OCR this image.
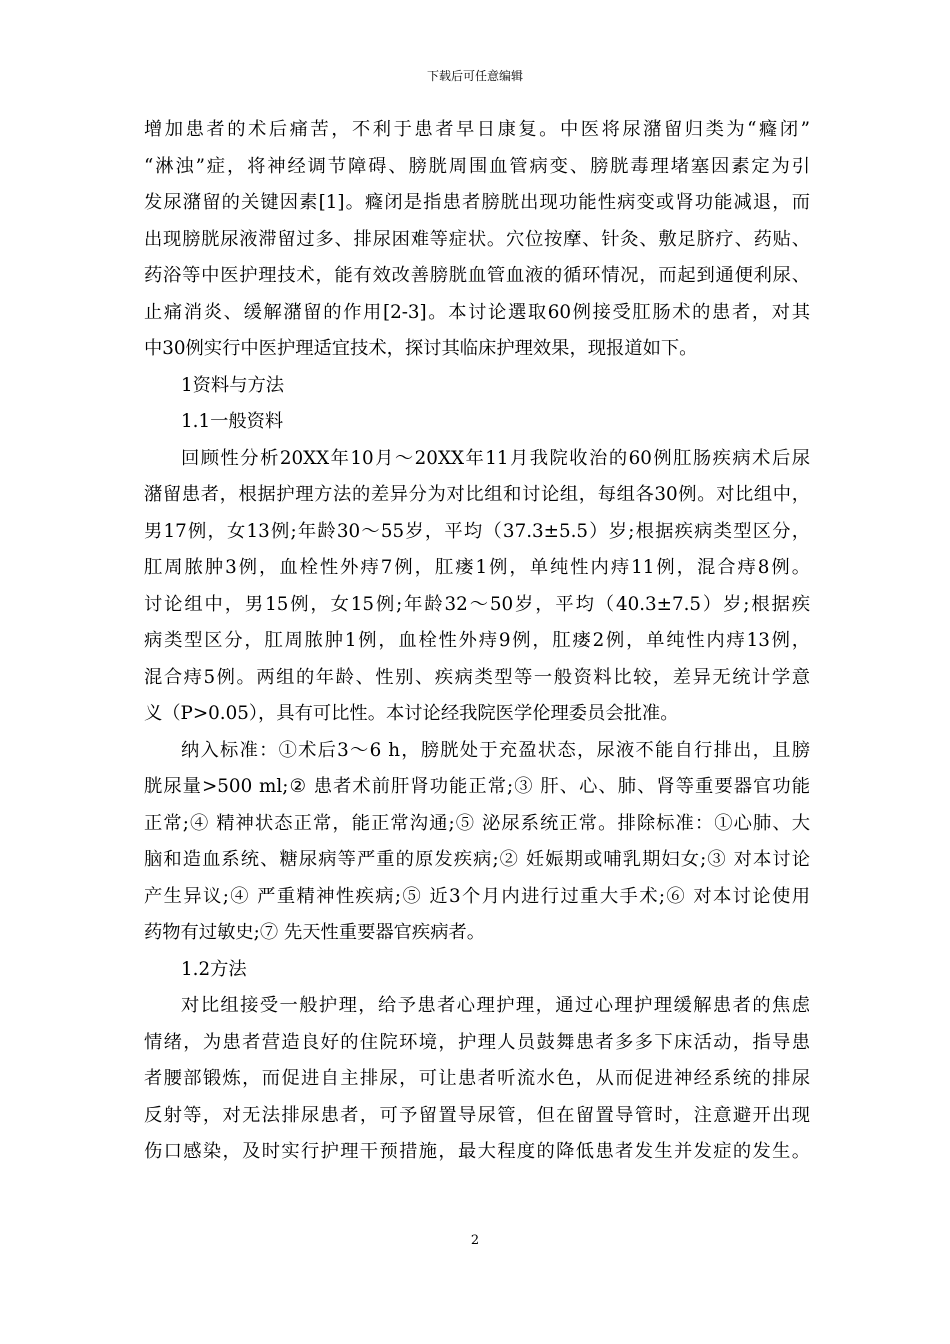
下载后可任意编辑
增加患者的术后痛苦，不利于患者早日康复。中医将尿潴留归类为“癃闭”
“淋浊”症，将神经调节障碍、膀胱周围血管病变、膀胱毒理堵塞因素定为引
发尿潴留的关键因素[1]。癃闭是指患者膀胱出现功能性病变或肾功能减退，而
出现膀胱尿液滞留过多、排尿困难等症状。穴位按摩、针灸、敷足脐疗、药贴、
药浴等中医护理技术，能有效改善膀胱血管血液的循环情况，而起到通便利尿、
止痛消炎、缓解潴留的作用[2-3]。本讨论選取60例接受肛肠术的患者，对其
中30例实行中医护理适宜技术，探讨其临床护理效果，现报道如下。
1资料与方法
1.1一般资料
回顾性分析20XX年10月～20XX年11月我院收治的60例肛肠疾病术后尿
潴留患者，根据护理方法的差异分为对比组和讨论组，每组各30例。对比组中，
男17例，女13例;年龄30～55岁，平均（37.3±5.5）岁;根据疾病类型区分，
肛周脓肿3例，血栓性外痔7例，肛瘘1例，单纯性内痔11例，混合痔8例。
讨论组中，男15例，女15例;年龄32～50岁，平均（40.3±7.5）岁;根据疾
病类型区分，肛周脓肿1例，血栓性外痔9例，肛瘘2例，单纯性内痔13例，
混合痔5例。两组的年龄、性别、疾病类型等一般资料比较，差异无统计学意
义（P>0.05），具有可比性。本讨论经我院医学伦理委员会批准。
纳入标准：①术后3～6 h，膀胱处于充盈状态，尿液不能自行排出，且膀
胱尿量>500 ml;② 患者术前肝肾功能正常;③ 肝、心、肺、肾等重要器官功能
正常;④ 精神状态正常，能正常沟通;⑤ 泌尿系统正常。排除标准：①心肺、大
脑和造血系统、糖尿病等严重的原发疾病;② 妊娠期或哺乳期妇女;③ 对本讨论
产生异议;④ 严重精神性疾病;⑤ 近3个月内进行过重大手术;⑥ 对本讨论使用
药物有过敏史;⑦ 先天性重要器官疾病者。
1.2方法
对比组接受一般护理，给予患者心理护理，通过心理护理缓解患者的焦虑
情绪，为患者营造良好的住院环境，护理人员鼓舞患者多多下床活动，指导患
者腰部锻炼，而促进自主排尿，可让患者听流水色，从而促进神经系统的排尿
反射等，对无法排尿患者，可予留置导尿管，但在留置导管时，注意避开出现
伤口感染，及时实行护理干预措施，最大程度的降低患者发生并发症的发生。
2
